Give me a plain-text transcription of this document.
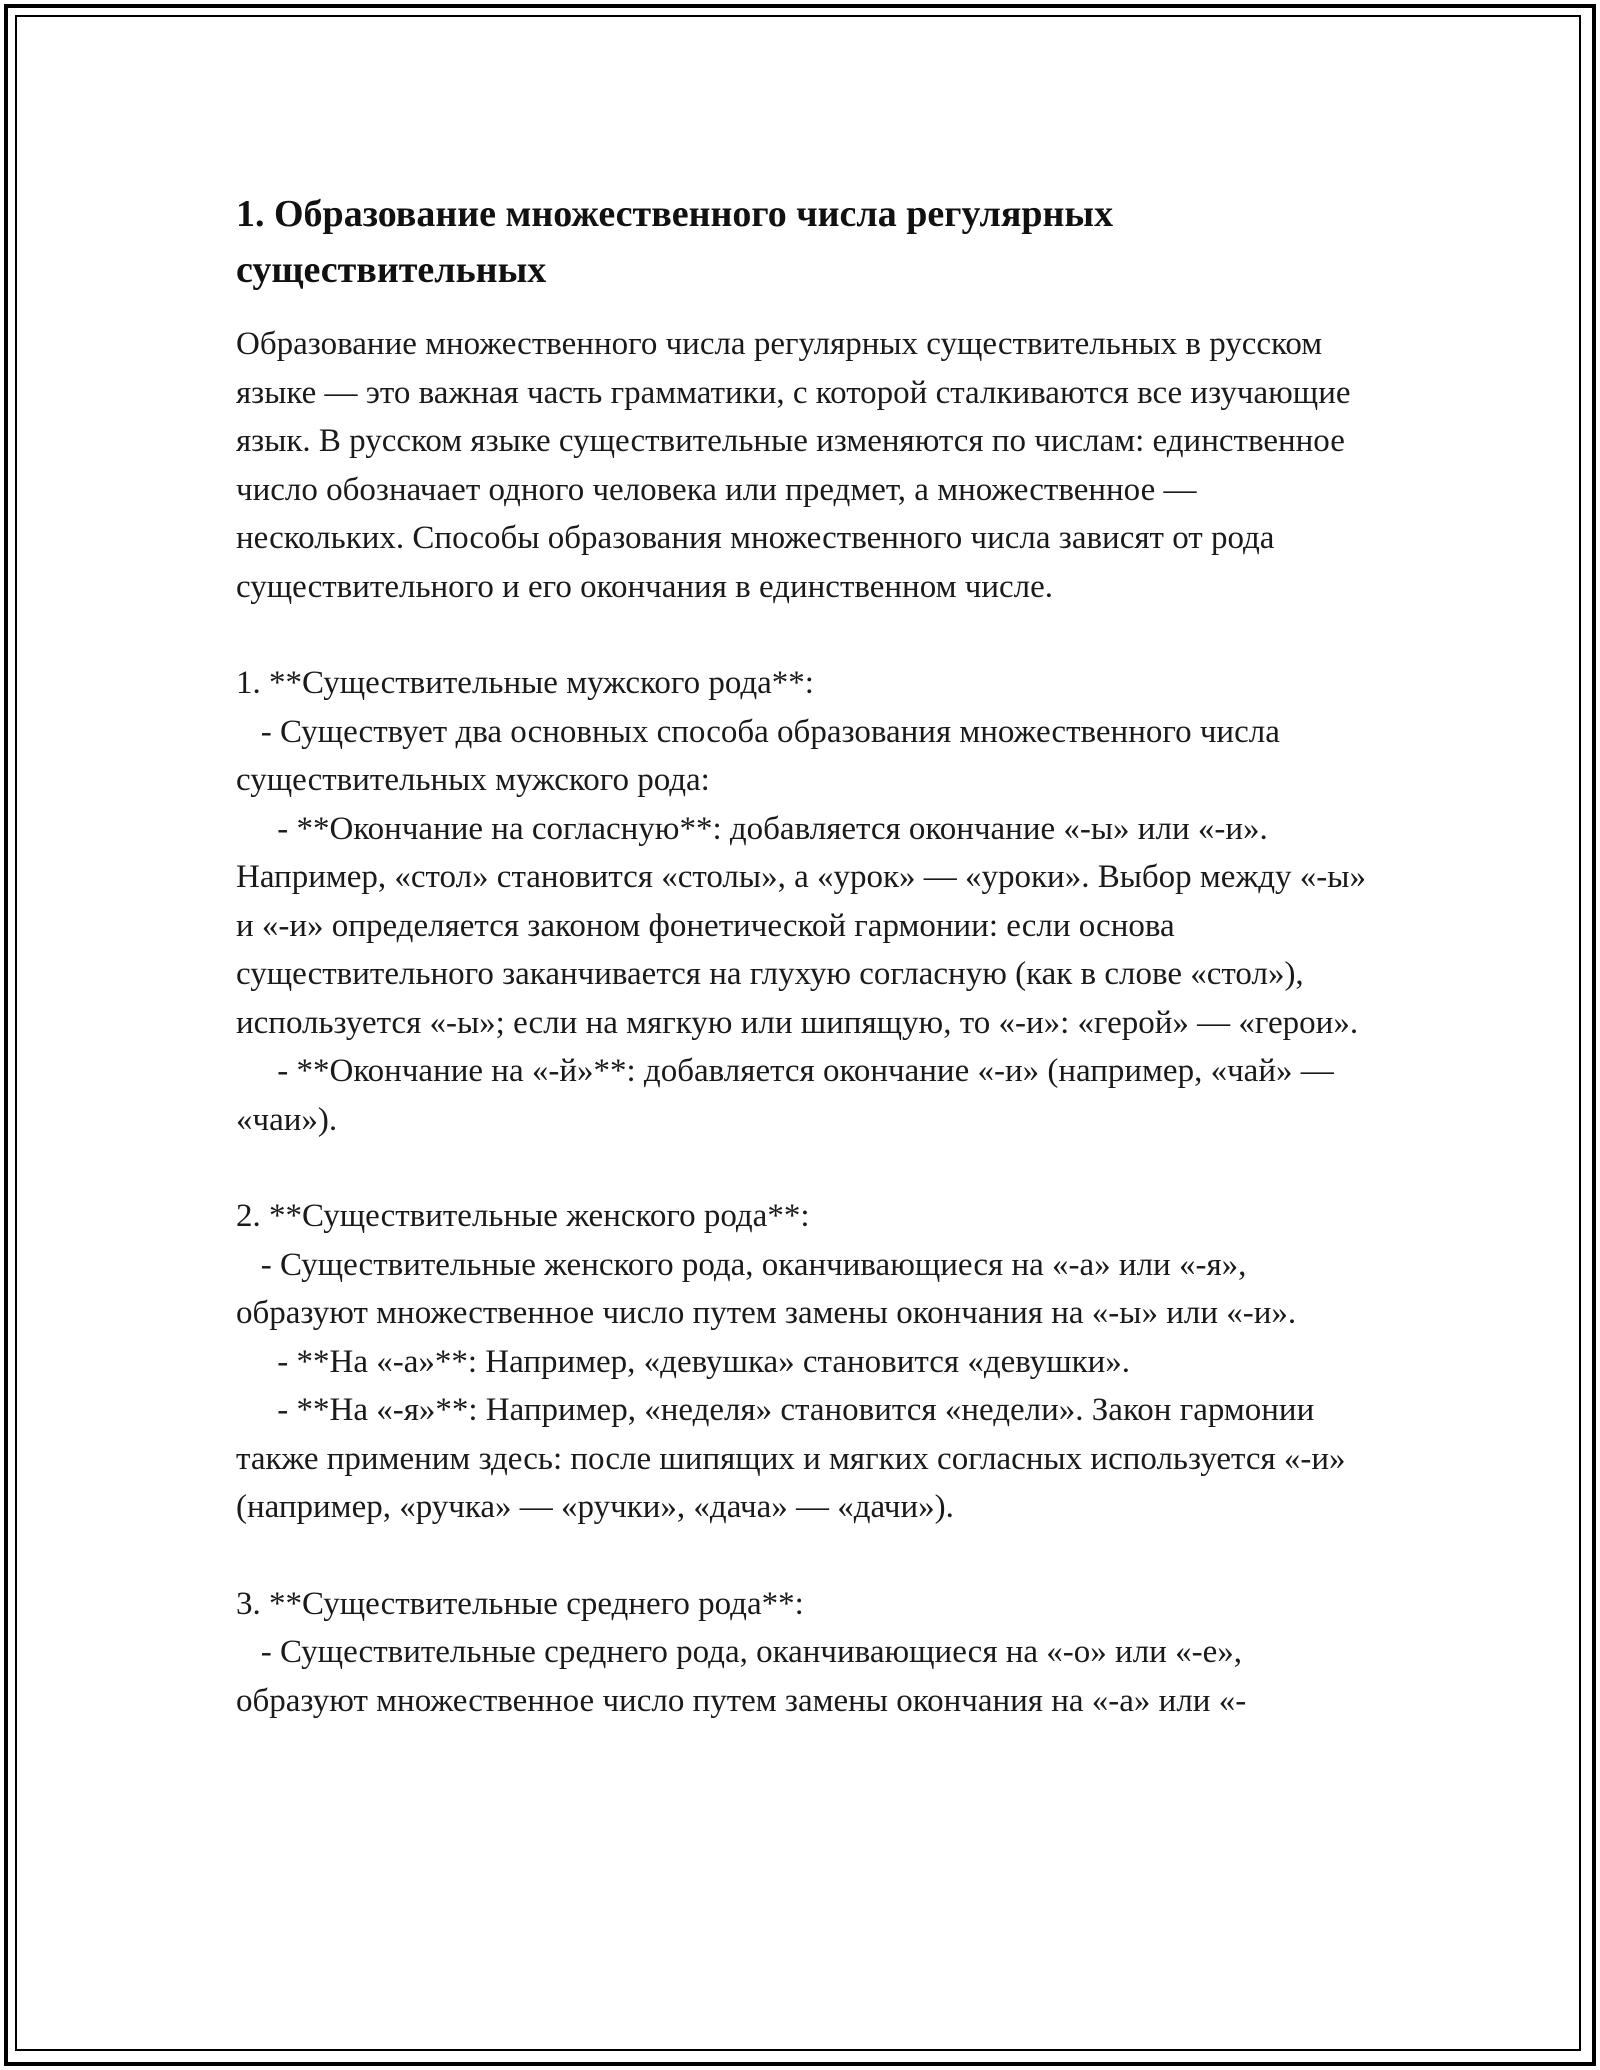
1. Образование множественного числа регулярных существительных

Образование множественного числа регулярных существительных в русском языке — это важная часть грамматики, с которой сталкиваются все изучающие язык. В русском языке существительные изменяются по числам: единственное число обозначает одного человека или предмет, а множественное — нескольких. Способы образования множественного числа зависят от рода существительного и его окончания в единственном числе.

1. **Существительные мужского рода**:
- Существует два основных способа образования множественного числа существительных мужского рода:
- **Окончание на согласную**: добавляется окончание «-ы» или «-и». Например, «стол» становится «столы», а «урок» — «уроки». Выбор между «-ы» и «-и» определяется законом фонетической гармонии: если основа существительного заканчивается на глухую согласную (как в слове «стол»), используется «-ы»; если на мягкую или шипящую, то «-и»: «герой» — «герои».
- **Окончание на «-й»**: добавляется окончание «-и» (например, «чай» — «чаи»).
2. **Существительные женского рода**:
- Существительные женского рода, оканчивающиеся на «-а» или «-я», образуют множественное число путем замены окончания на «-ы» или «-и».
- **На «-а»**: Например, «девушка» становится «девушки».
- **На «-я»**: Например, «неделя» становится «недели». Закон гармонии также применим здесь: после шипящих и мягких согласных используется «-и» (например, «ручка» — «ручки», «дача» — «дачи»).
3. **Существительные среднего рода**:
- Существительные среднего рода, оканчивающиеся на «-о» или «-е», образуют множественное число путем замены окончания на «-а» или «-
